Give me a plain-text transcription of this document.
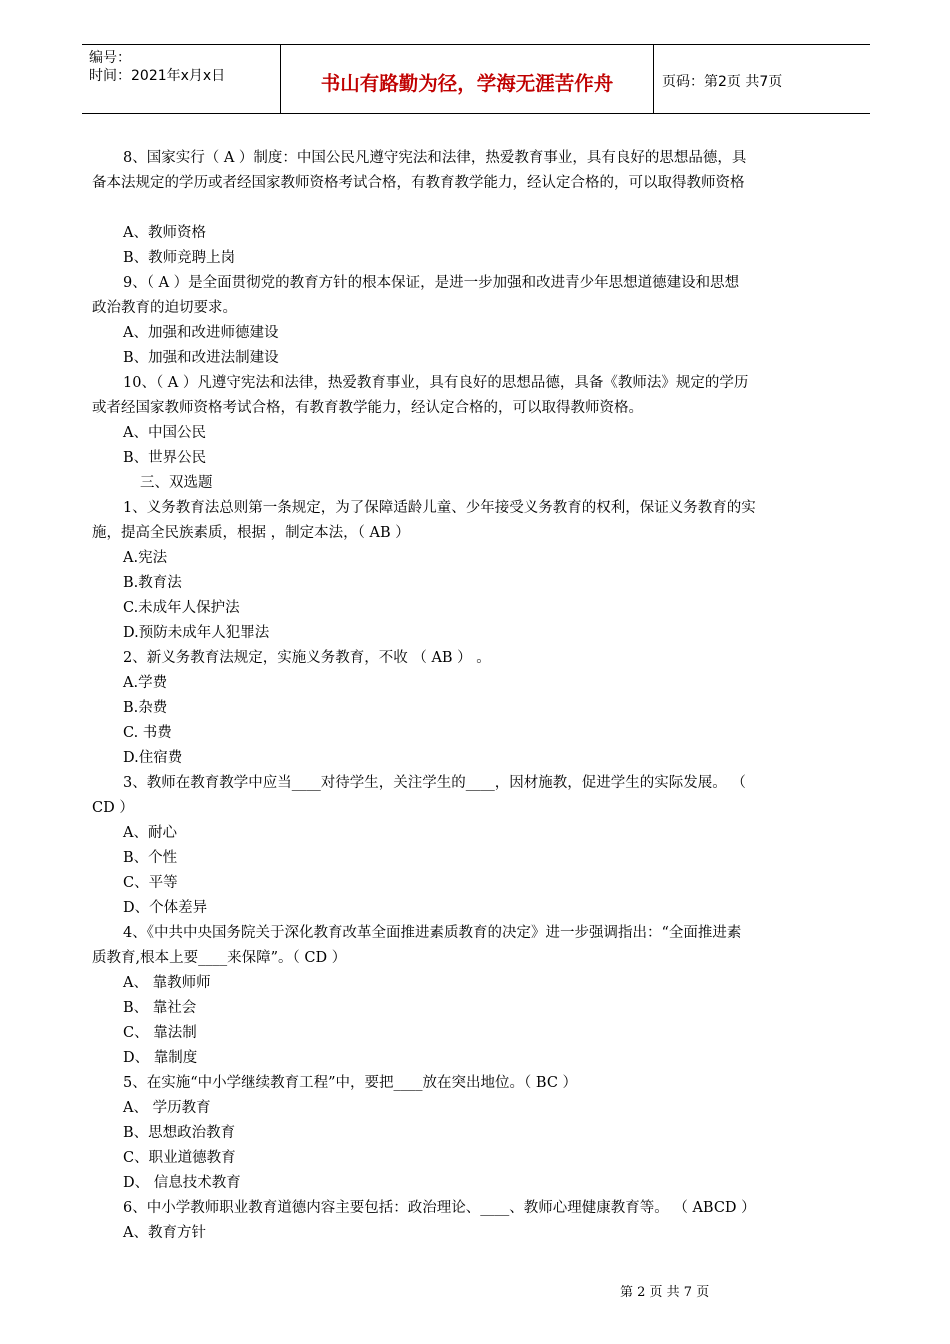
编号：
时间：2021年x月x日	书山有路勤为径，学海无涯苦作舟	页码：第2页 共7页
8、国家实行（ A ）制度：中国公民凡遵守宪法和法律，热爱教育事业，具有良好的思想品德，具
备本法规定的学历或者经国家教师资格考试合格，有教育教学能力，经认定合格的，可以取得教师资格
A、教师资格
B、教师竞聘上岗
9、（ A ）是全面贯彻党的教育方针的根本保证，是进一步加强和改进青少年思想道德建设和思想
政治教育的迫切要求。
A、加强和改进师德建设
B、加强和改进法制建设
10、（ A ）凡遵守宪法和法律，热爱教育事业，具有良好的思想品德，具备《教师法》规定的学历
或者经国家教师资格考试合格，有教育教学能力，经认定合格的，可以取得教师资格。
A、中国公民
B、世界公民
三、双选题
1、义务教育法总则第一条规定，为了保障适龄儿童、少年接受义务教育的权利，保证义务教育的实
施，提高全民族素质，根据 ，制定本法，（ AB ）
A.宪法
B.教育法
C.未成年人保护法
D.预防未成年人犯罪法
2、新义务教育法规定，实施义务教育，不收 （ AB ） 。
A.学费
B.杂费
C. 书费
D.住宿费
3、教师在教育教学中应当____对待学生，关注学生的____，因材施教，促进学生的实际发展。 （
CD ）
A、耐心
B、个性
C、平等
D、个体差异
4、《中共中央国务院关于深化教育改革全面推进素质教育的决定》进一步强调指出：“全面推进素
质教育,根本上要____来保障”。（ CD ）
A、 靠教师师
B、 靠社会
C、 靠法制
D、 靠制度
5、在实施“中小学继续教育工程”中，要把____放在突出地位。（ BC ）
A、 学历教育
B、思想政治教育
C、职业道德教育
D、 信息技术教育
6、中小学教师职业教育道德内容主要包括：政治理论、____、教师心理健康教育等。 （ ABCD ）
A、教育方针
第 2 页 共 7 页
